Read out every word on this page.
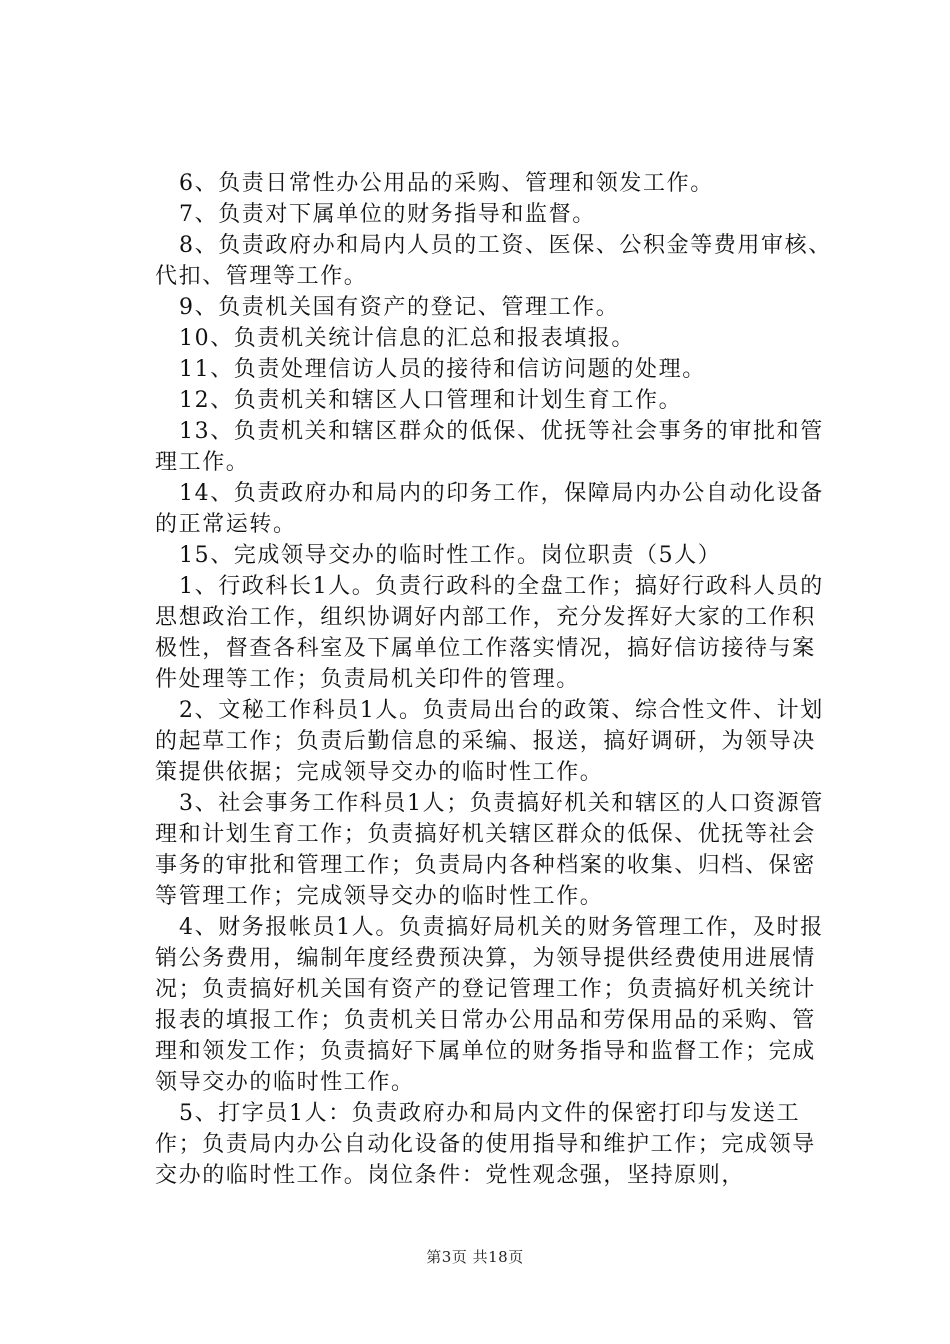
6、负责日常性办公用品的采购、管理和领发工作。

7、负责对下属单位的财务指导和监督。

8、负责政府办和局内人员的工资、医保、公积金等费用审核、代扣、管理等工作。

9、负责机关国有资产的登记、管理工作。

10、负责机关统计信息的汇总和报表填报。

11、负责处理信访人员的接待和信访问题的处理。

12、负责机关和辖区人口管理和计划生育工作。

13、负责机关和辖区群众的低保、优抚等社会事务的审批和管理工作。

14、负责政府办和局内的印务工作，保障局内办公自动化设备的正常运转。

15、完成领导交办的临时性工作。岗位职责（5人）

1、行政科长1人。负责行政科的全盘工作；搞好行政科人员的思想政治工作，组织协调好内部工作，充分发挥好大家的工作积极性，督查各科室及下属单位工作落实情况，搞好信访接待与案件处理等工作；负责局机关印件的管理。

2、文秘工作科员1人。负责局出台的政策、综合性文件、计划的起草工作；负责后勤信息的采编、报送，搞好调研，为领导决策提供依据；完成领导交办的临时性工作。

3、社会事务工作科员1人；负责搞好机关和辖区的人口资源管理和计划生育工作；负责搞好机关辖区群众的低保、优抚等社会事务的审批和管理工作；负责局内各种档案的收集、归档、保密等管理工作；完成领导交办的临时性工作。

4、财务报帐员1人。负责搞好局机关的财务管理工作，及时报销公务费用，编制年度经费预决算，为领导提供经费使用进展情况；负责搞好机关国有资产的登记管理工作；负责搞好机关统计报表的填报工作；负责机关日常办公用品和劳保用品的采购、管理和领发工作；负责搞好下属单位的财务指导和监督工作；完成领导交办的临时性工作。

5、打字员1人：负责政府办和局内文件的保密打印与发送工作；负责局内办公自动化设备的使用指导和维护工作；完成领导交办的临时性工作。岗位条件：党性观念强，坚持原则，

第3页 共18页
